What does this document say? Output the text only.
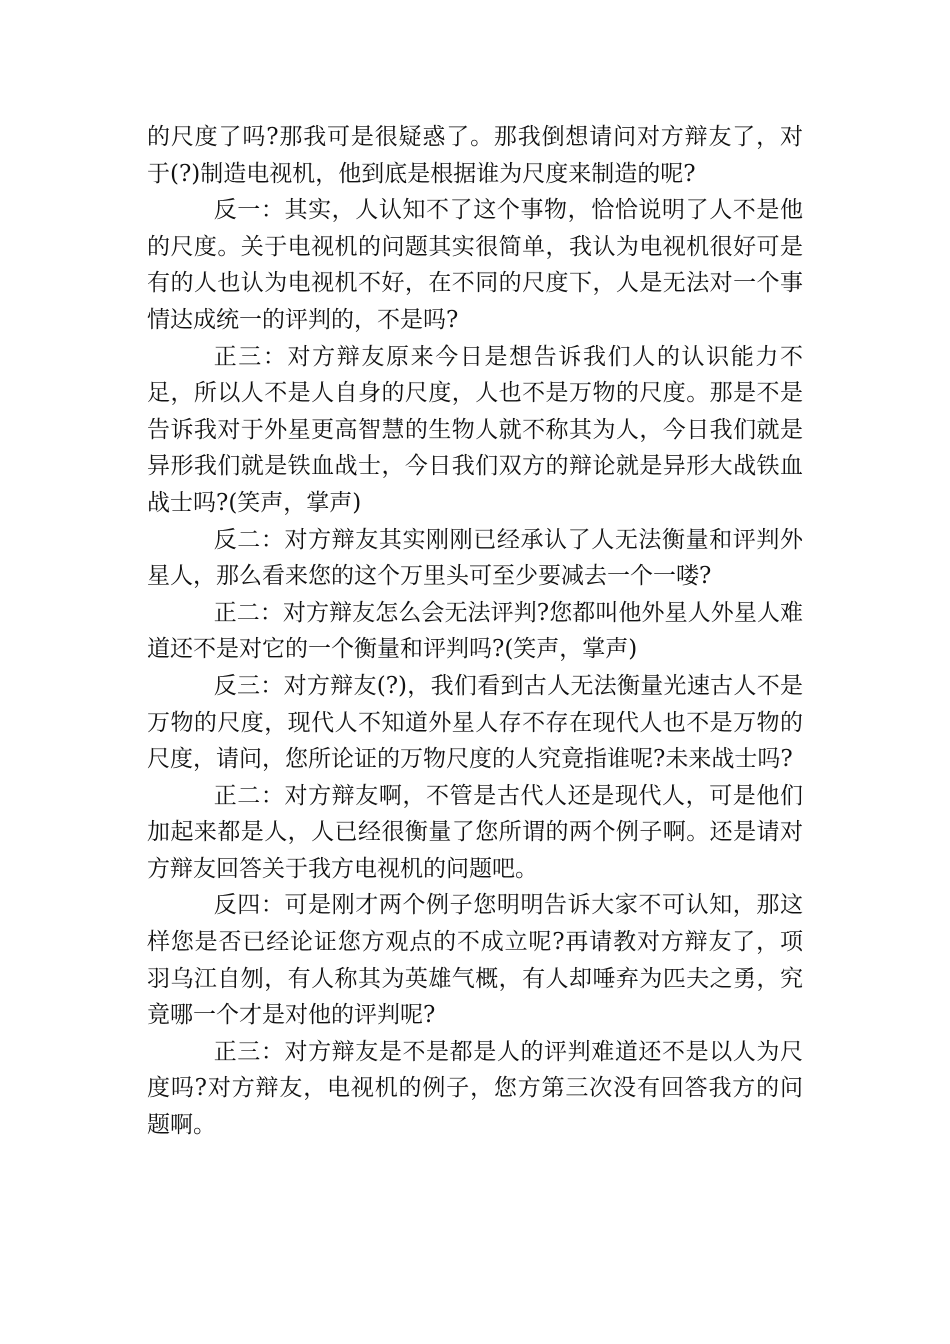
的尺度了吗?那我可是很疑惑了。那我倒想请问对方辩友了，对于(?)制造电视机，他到底是根据谁为尺度来制造的呢?

反一：其实，人认知不了这个事物，恰恰说明了人不是他的尺度。关于电视机的问题其实很简单，我认为电视机很好可是有的人也认为电视机不好，在不同的尺度下，人是无法对一个事情达成统一的评判的，不是吗?

正三：对方辩友原来今日是想告诉我们人的认识能力不足，所以人不是人自身的尺度，人也不是万物的尺度。那是不是告诉我对于外星更高智慧的生物人就不称其为人，今日我们就是异形我们就是铁血战士，今日我们双方的辩论就是异形大战铁血战士吗?(笑声，掌声)

反二：对方辩友其实刚刚已经承认了人无法衡量和评判外星人，那么看来您的这个万里头可至少要减去一个一喽?

正二：对方辩友怎么会无法评判?您都叫他外星人外星人难道还不是对它的一个衡量和评判吗?(笑声，掌声)

反三：对方辩友(?)，我们看到古人无法衡量光速古人不是万物的尺度，现代人不知道外星人存不存在现代人也不是万物的尺度，请问，您所论证的万物尺度的人究竟指谁呢?未来战士吗?

正二：对方辩友啊，不管是古代人还是现代人，可是他们加起来都是人，人已经很衡量了您所谓的两个例子啊。还是请对方辩友回答关于我方电视机的问题吧。

反四：可是刚才两个例子您明明告诉大家不可认知，那这样您是否已经论证您方观点的不成立呢?再请教对方辩友了，项羽乌江自刎，有人称其为英雄气概，有人却唾弃为匹夫之勇，究竟哪一个才是对他的评判呢?

正三：对方辩友是不是都是人的评判难道还不是以人为尺度吗?对方辩友，电视机的例子，您方第三次没有回答我方的问题啊。
